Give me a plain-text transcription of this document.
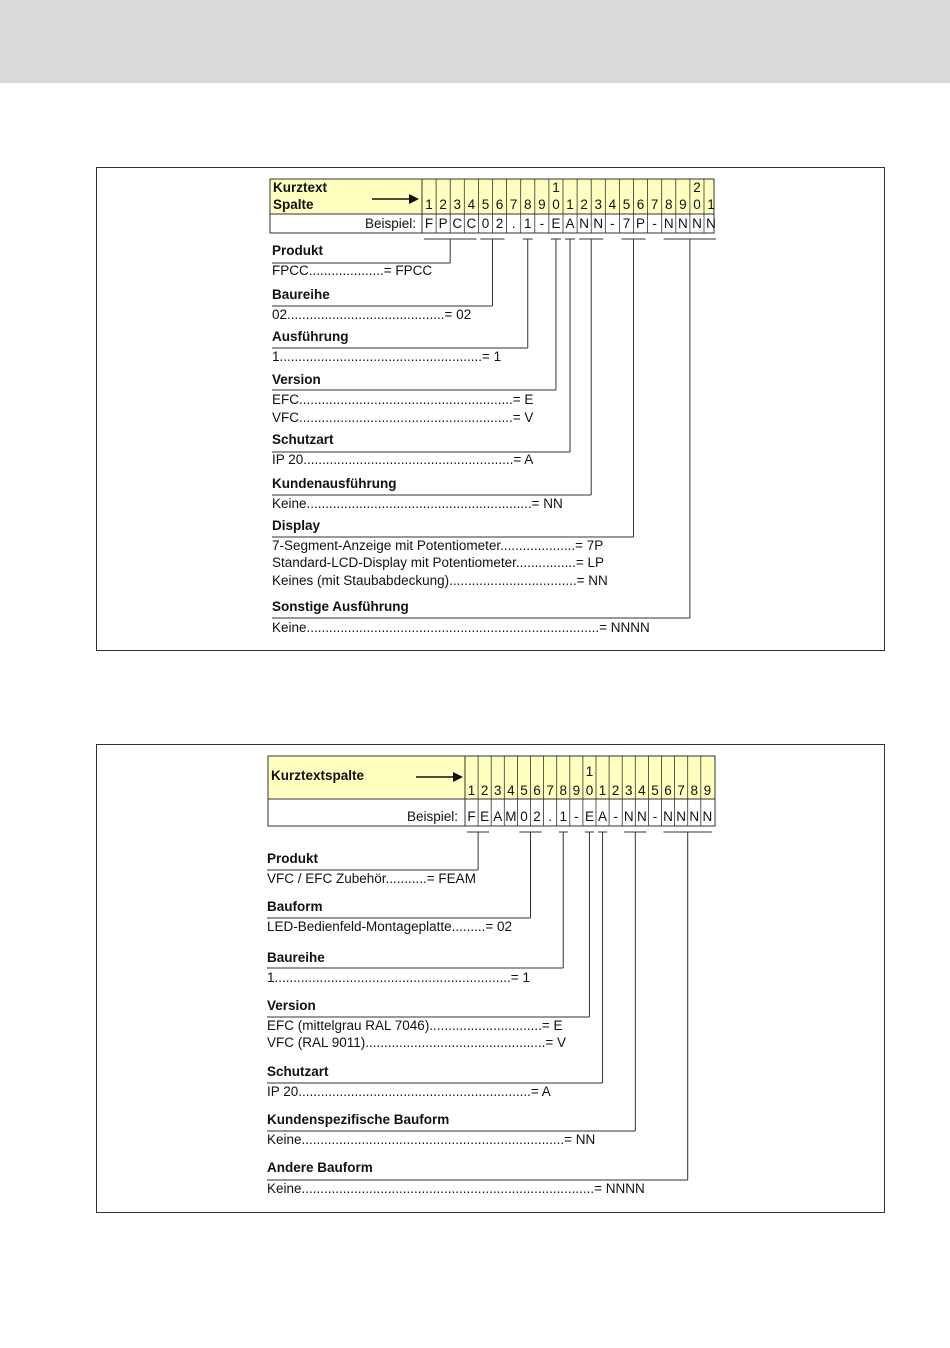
Kurztext
Spalte
Beispiel:
1 2 3 4 5 6 7 8 9
1
0 1 2 3 4 5 6 7 8 9
2
0 1
F P C C 0 2 . 1 - E A N N - 7 P - N N N N
Produkt
FPCC....................= FPCC
Baureihe
02..........................................= 02
Ausführung
1......................................................= 1
Version
EFC.........................................................= E
VFC.........................................................= V
Schutzart
IP 20........................................................= A
Kundenausführung
Keine............................................................= NN
Display
7-Segment-Anzeige mit Potentiometer....................= 7P
Standard-LCD-Display mit Potentiometer................= LP
Keines (mit Staubabdeckung)..................................= NN
Sonstige Ausführung
Keine..............................................................................= NNNN
Kurztextspalte
Beispiel:
1 2 3 4 5 6 7 8 9
1
0 1 2 3 4 5 6 7 8 9
F E A M 0 2 . 1 - E A - N N - N N N N
Produkt
VFC / EFC Zubehör...........= FEAM
Bauform
LED-Bedienfeld-Montageplatte.........= 02
Baureihe
1...............................................................= 1
Version
EFC (mittelgrau RAL 7046)..............................= E
VFC (RAL 9011)................................................= V
Schutzart
IP 20..............................................................= A
Kundenspezifische Bauform
Keine......................................................................= NN
Andere Bauform
Keine..............................................................................= NNNN
